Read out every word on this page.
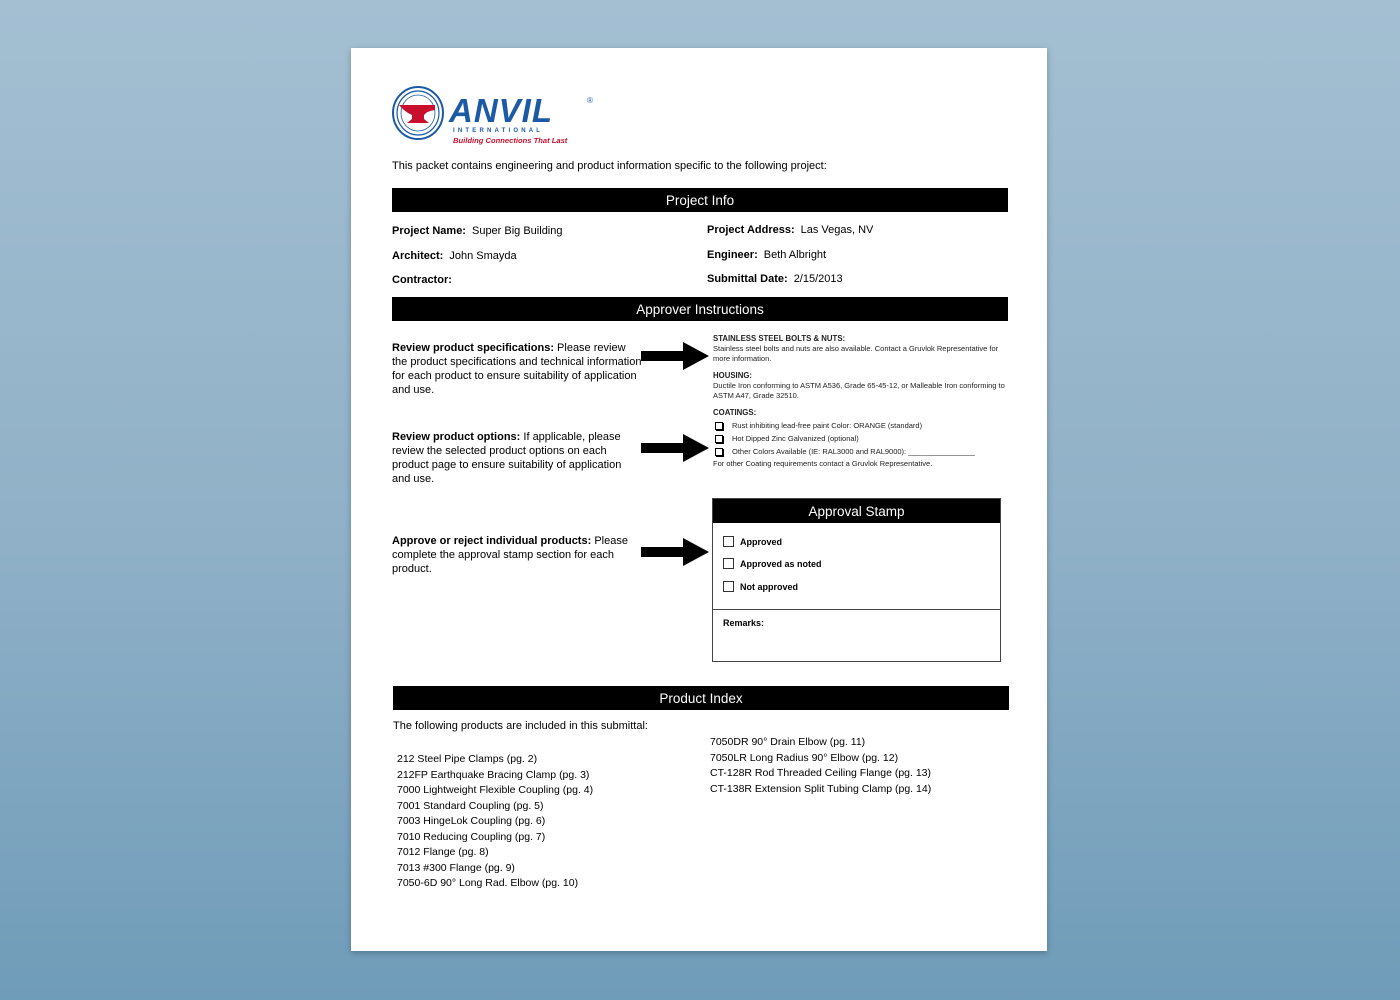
ANVIL	®
INTERNATIONAL
Building Connections That Last
This packet contains engineering and product information specific to the following project:
Project Info
Project Name: Super Big Building	Project Address: Las Vegas, NV
Architect: John Smayda	Engineer: Beth Albright
Contractor:	Submittal Date: 2/15/2013
Approver Instructions
Review product specifications: Please review the product specifications and technical information for each product to ensure suitability of application and use.
Review product options: If applicable, please review the selected product options on each product page to ensure suitability of application and use.
Approve or reject individual products: Please complete the approval stamp section for each product.
STAINLESS STEEL BOLTS & NUTS:
Stainless steel bolts and nuts are also available. Contact a Gruvlok Representative for more information.
HOUSING:
Ductile Iron conforming to ASTM A536, Grade 65-45-12, or Malleable Iron conforming to ASTM A47, Grade 32510.
COATINGS:
Rust inhibiting lead-free paint Color: ORANGE (standard)
Hot Dipped Zinc Galvanized (optional)
Other Colors Available (IE: RAL3000 and RAL9000): ________________
For other Coating requirements contact a Gruvlok Representative.
Approval Stamp
Approved
Approved as noted
Not approved
Remarks:
Product Index
The following products are included in this submittal:
212 Steel Pipe Clamps (pg. 2)
212FP Earthquake Bracing Clamp (pg. 3)
7000 Lightweight Flexible Coupling (pg. 4)
7001 Standard Coupling (pg. 5)
7003 HingeLok Coupling (pg. 6)
7010 Reducing Coupling (pg. 7)
7012 Flange (pg. 8)
7013 #300 Flange (pg. 9)
7050-6D 90° Long Rad. Elbow (pg. 10)
7050DR 90° Drain Elbow (pg. 11)
7050LR Long Radius 90° Elbow (pg. 12)
CT-128R Rod Threaded Ceiling Flange (pg. 13)
CT-138R Extension Split Tubing Clamp (pg. 14)
